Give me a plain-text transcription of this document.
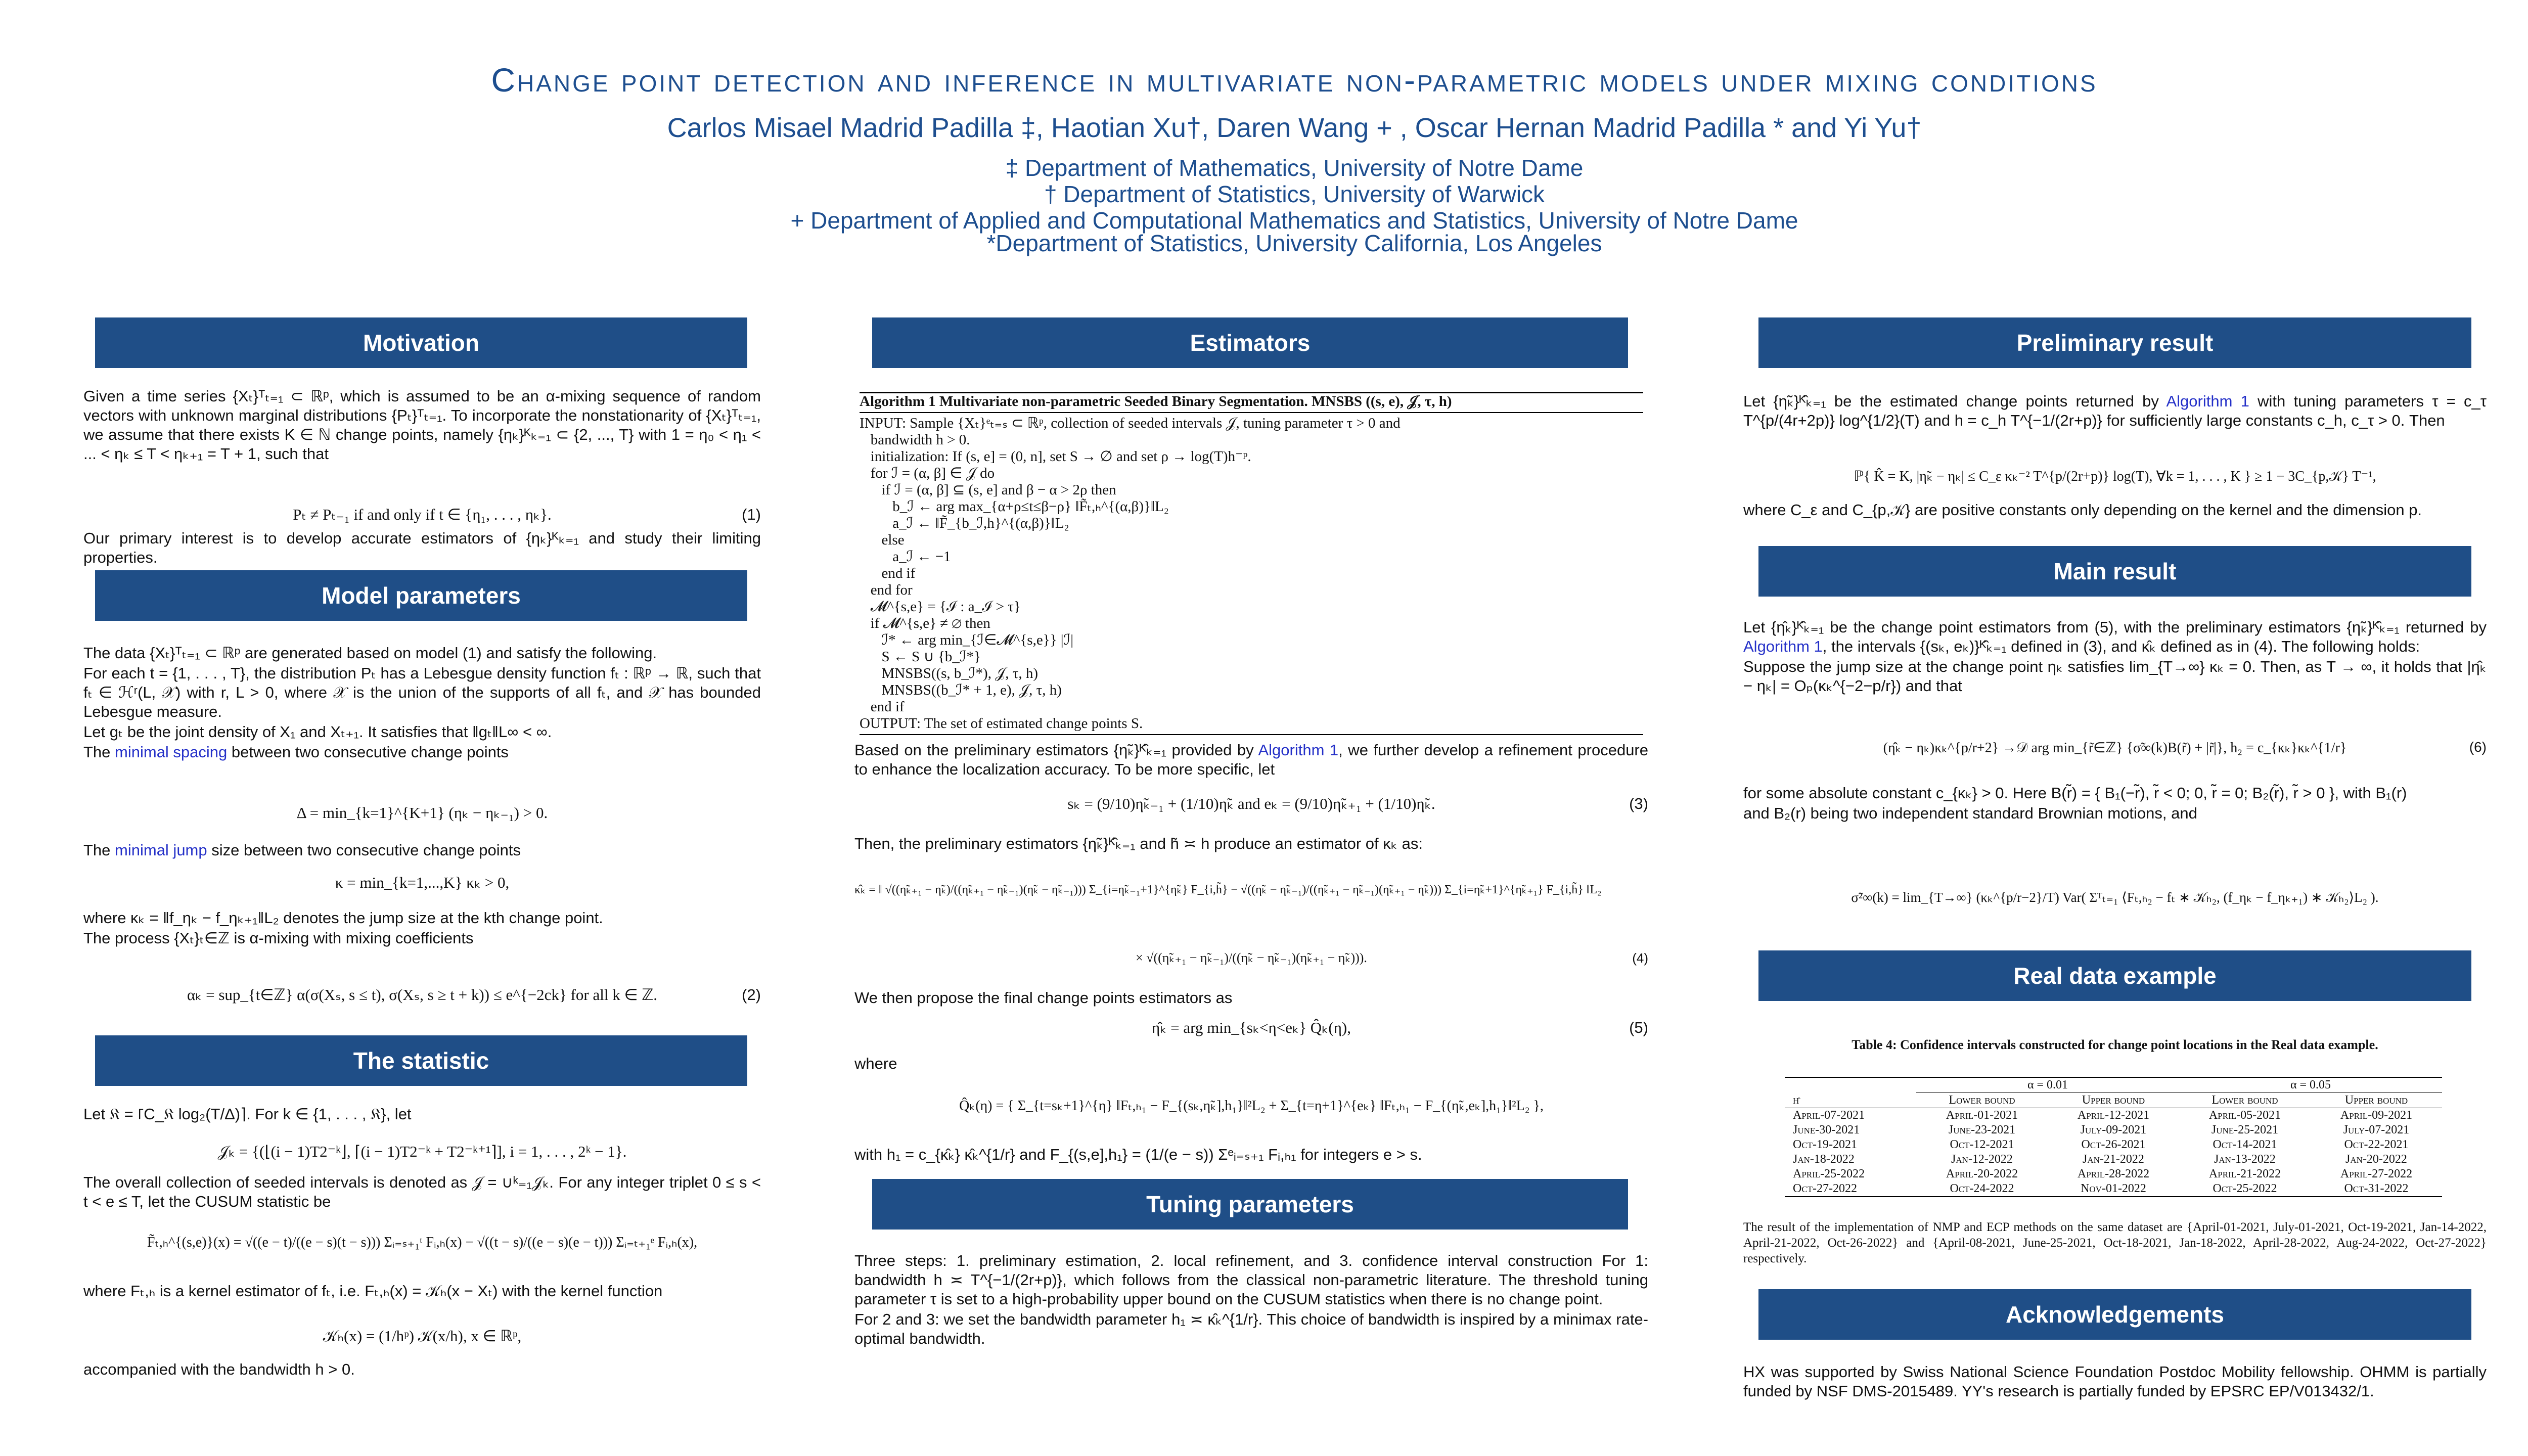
Change point detection and inference in multivariate non-parametric models under mixing conditions
Carlos Misael Madrid Padilla ‡, Haotian Xu†, Daren Wang + , Oscar Hernan Madrid Padilla * and Yi Yu†
‡ Department of Mathematics, University of Notre Dame
† Department of Statistics, University of Warwick
+ Department of Applied and Computational Mathematics and Statistics, University of Notre Dame
*Department of Statistics, University California, Los Angeles
Motivation

Given a time series {Xₜ}ᵀₜ₌₁ ⊂ ℝᵖ, which is assumed to be an α-mixing sequence of random vectors with unknown marginal distributions {Pₜ}ᵀₜ₌₁. To incorporate the nonstationarity of {Xₜ}ᵀₜ₌₁, we assume that there exists K ∈ ℕ change points, namely {ηₖ}ᴷₖ₌₁ ⊂ {2, ..., T} with 1 = η₀ < η₁ < ... < ηₖ ≤ T < ηₖ₊₁ = T + 1, such that

Pₜ ≠ Pₜ₋₁ if and only if t ∈ {η₁, . . . , ηₖ}.	(1)

Our primary interest is to develop accurate estimators of {ηₖ}ᴷₖ₌₁ and study their limiting properties.

Model parameters

The data {Xₜ}ᵀₜ₌₁ ⊂ ℝᵖ are generated based on model (1) and satisfy the following.

For each t = {1, . . . , T}, the distribution Pₜ has a Lebesgue density function fₜ : ℝᵖ → ℝ, such that fₜ ∈ ℋʳ(L, 𝒳) with r, L > 0, where 𝒳 is the union of the supports of all fₜ, and 𝒳 has bounded Lebesgue measure.

Let gₜ be the joint density of X₁ and Xₜ₊₁. It satisfies that ‖gₜ‖L∞ < ∞.

The minimal spacing between two consecutive change points

Δ = min_{k=1}^{K+1} (ηₖ − ηₖ₋₁) > 0.

The minimal jump size between two consecutive change points

κ = min_{k=1,...,K} κₖ > 0,

where κₖ = ‖f_ηₖ − f_ηₖ₊₁‖L₂ denotes the jump size at the kth change point.

The process {Xₜ}ₜ∈ℤ is α-mixing with mixing coefficients

αₖ = sup_{t∈ℤ} α(σ(Xₛ, s ≤ t), σ(Xₛ, s ≥ t + k)) ≤ e^{−2ck} for all k ∈ ℤ.	(2)
The statistic

Let 𝔎 = ⌈C_𝔎 log₂(T/Δ)⌉. For k ∈ {1, . . . , 𝔎}, let

𝒥ₖ = {(⌊(i − 1)T2⁻ᵏ⌋, ⌈(i − 1)T2⁻ᵏ + T2⁻ᵏ⁺¹⌉], i = 1, . . . , 2ᵏ − 1}.

The overall collection of seeded intervals is denoted as 𝒥 = ∪ᵏ₌₁𝒥ₖ. For any integer triplet 0 ≤ s < t < e ≤ T, let the CUSUM statistic be

F̃ₜ,ₕ^{(s,e)}(x) = √((e − t)/((e − s)(t − s))) Σᵢ₌ₛ₊₁ᵗ Fᵢ,ₕ(x) − √((t − s)/((e − s)(e − t))) Σᵢ₌ₜ₊₁ᵉ Fᵢ,ₕ(x),

where Fₜ,ₕ is a kernel estimator of fₜ, i.e. Fₜ,ₕ(x) = 𝒦ₕ(x − Xₜ) with the kernel function

𝒦ₕ(x) = (1/hᵖ) 𝒦(x/h), x ∈ ℝᵖ,

accompanied with the bandwidth h > 0.

Estimators
Algorithm 1 Multivariate non-parametric Seeded Binary Segmentation. MNSBS ((s, e), 𝒥, τ, h)
INPUT: Sample {Xₜ}ᵉₜ₌ₛ ⊂ ℝᵖ, collection of seeded intervals 𝒥, tuning parameter τ > 0 and
bandwidth h > 0.
initialization: If (s, e] = (0, n], set S → ∅ and set ρ → log(T)h⁻ᵖ.
for ℐ = (α, β] ∈ 𝒥 do
if ℐ = (α, β] ⊆ (s, e] and β − α > 2ρ then
b_ℐ ← arg max_{α+ρ≤t≤β−ρ} ‖F̃ₜ,ₕ^{(α,β)}‖L₂
a_ℐ ← ‖F̃_{b_ℐ,h}^{(α,β)}‖L₂
else
a_ℐ ← −1
end if
end for
𝓜^{s,e} = {ℐ : a_ℐ > τ}
if 𝓜^{s,e} ≠ ∅ then
ℐ* ← arg min_{ℐ∈𝓜^{s,e}} |ℐ|
S ← S ∪ {b_ℐ*}
MNSBS((s, b_ℐ*), 𝒥, τ, h)
MNSBS((b_ℐ* + 1, e), 𝒥, τ, h)
end if
OUTPUT: The set of estimated change points S.

Based on the preliminary estimators {η̃ₖ}ᴷ̂ₖ₌₁ provided by Algorithm 1, we further develop a refinement procedure to enhance the localization accuracy. To be more specific, let

sₖ = (9/10)η̃ₖ₋₁ + (1/10)η̃ₖ and eₖ = (9/10)η̃ₖ₊₁ + (1/10)η̃ₖ.	(3)

Then, the preliminary estimators {η̃ₖ}ᴷ̂ₖ₌₁ and h̃ ≍ h produce an estimator of κₖ as:

κ̂ₖ = ‖ √((η̃ₖ₊₁ − η̃ₖ)/((η̃ₖ₊₁ − η̃ₖ₋₁)(η̃ₖ − η̃ₖ₋₁))) Σ_{i=η̃ₖ₋₁+1}^{η̃ₖ} F_{i,h̃} − √((η̃ₖ − η̃ₖ₋₁)/((η̃ₖ₊₁ − η̃ₖ₋₁)(η̃ₖ₊₁ − η̃ₖ))) Σ_{i=η̃ₖ+1}^{η̃ₖ₊₁} F_{i,h̃} ‖L₂
× √((η̃ₖ₊₁ − η̃ₖ₋₁)/((η̃ₖ − η̃ₖ₋₁)(η̃ₖ₊₁ − η̃ₖ))).	(4)

We then propose the final change points estimators as

η̂ₖ = arg min_{sₖ<η<eₖ} Q̂ₖ(η),	(5)

where

Q̂ₖ(η) = { Σ_{t=sₖ+1}^{η} ‖Fₜ,ₕ₁ − F_{(sₖ,η̃ₖ],h₁}‖²L₂ + Σ_{t=η+1}^{eₖ} ‖Fₜ,ₕ₁ − F_{(η̃ₖ,eₖ],h₁}‖²L₂ },

with h₁ = c_{κ̂ₖ} κ̂ₖ^{1/r} and F_{(s,e],h₁} = (1/(e − s)) Σᵉᵢ₌ₛ₊₁ Fᵢ,ₕ₁ for integers e > s.

Tuning parameters

Three steps: 1. preliminary estimation, 2. local refinement, and 3. confidence interval construction For 1: bandwidth h ≍ T^{−1/(2r+p)}, which follows from the classical non-parametric literature. The threshold tuning parameter τ is set to a high-probability upper bound on the CUSUM statistics when there is no change point.

For 2 and 3: we set the bandwidth parameter h₁ ≍ κ̂ₖ^{1/r}. This choice of bandwidth is inspired by a minimax rate-optimal bandwidth.

Preliminary result

Let {η̃ₖ}ᴷ̂ₖ₌₁ be the estimated change points returned by Algorithm 1 with tuning parameters τ = c_τ T^{p/(4r+2p)} log^{1/2}(T) and h = c_h T^{−1/(2r+p)} for sufficiently large constants c_h, c_τ > 0. Then

ℙ{ K̂ = K, |η̃ₖ − ηₖ| ≤ C_ε κₖ⁻² T^{p/(2r+p)} log(T), ∀k = 1, . . . , K } ≥ 1 − 3C_{p,𝒦} T⁻¹,

where C_ε and C_{p,𝒦} are positive constants only depending on the kernel and the dimension p.

Main result

Let {η̂ₖ}ᴷ̂ₖ₌₁ be the change point estimators from (5), with the preliminary estimators {η̃ₖ}ᴷ̂ₖ₌₁ returned by Algorithm 1, the intervals {(sₖ, eₖ)}ᴷ̂ₖ₌₁ defined in (3), and κ̂ₖ defined as in (4). The following holds:

Suppose the jump size at the change point ηₖ satisfies lim_{T→∞} κₖ = 0. Then, as T → ∞, it holds that |η̂ₖ − ηₖ| = Oₚ(κₖ^{−2−p/r}) and that

(η̂ₖ − ηₖ)κₖ^{p/r+2} →𝒟 arg min_{r̃∈ℤ} {σ̃∞(k)B(r̃) + |r̃|}, h₂ = c_{κₖ}κₖ^{1/r}	(6)

for some absolute constant c_{κₖ} > 0. Here B(r̃) = { B₁(−r̃), r̃ < 0; 0, r̃ = 0; B₂(r̃), r̃ > 0 }, with B₁(r)

and B₂(r) being two independent standard Brownian motions, and

σ̃²∞(k) = lim_{T→∞} (κₖ^{p/r−2}/T) Var( Σᵀₜ₌₁ ⟨Fₜ,ₕ₂ − fₜ ∗ 𝒦ₕ₂, (f_ηₖ − f_ηₖ₊₁) ∗ 𝒦ₕ₂⟩L₂ ).
Real data example
Table 4: Confidence intervals constructed for change point locations in the Real data example.
	α = 0.01		α = 0.05	
η̂	Lower bound	Upper bound	Lower bound	Upper bound
April-07-2021	April-01-2021	April-12-2021	April-05-2021	April-09-2021
June-30-2021	June-23-2021	July-09-2021	June-25-2021	July-07-2021
Oct-19-2021	Oct-12-2021	Oct-26-2021	Oct-14-2021	Oct-22-2021
Jan-18-2022	Jan-12-2022	Jan-21-2022	Jan-13-2022	Jan-20-2022
April-25-2022	April-20-2022	April-28-2022	April-21-2022	April-27-2022
Oct-27-2022	Oct-24-2022	Nov-01-2022	Oct-25-2022	Oct-31-2022
The result of the implementation of NMP and ECP methods on the same dataset are {April-01-2021, July-01-2021, Oct-19-2021, Jan-14-2022, April-21-2022, Oct-26-2022} and {April-08-2021, June-25-2021, Oct-18-2021, Jan-18-2022, April-28-2022, Aug-24-2022, Oct-27-2022} respectively.
Acknowledgements

HX was supported by Swiss National Science Foundation Postdoc Mobility fellowship. OHMM is partially funded by NSF DMS-2015489. YY's research is partially funded by EPSRC EP/V013432/1.
